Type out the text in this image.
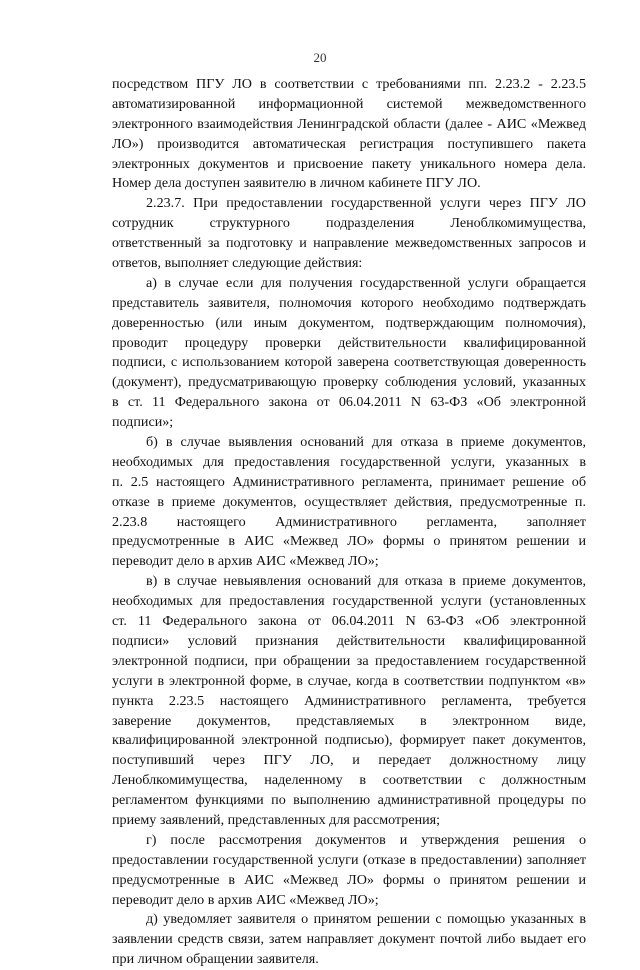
20
посредством ПГУ ЛО в соответствии с требованиями пп. 2.23.2 - 2.23.5
автоматизированной информационной системой межведомственного
электронного взаимодействия Ленинградской области (далее - АИС «Межвед
ЛО») производится автоматическая регистрация поступившего пакета
электронных документов и присвоение пакету уникального номера дела.
Номер дела доступен заявителю в личном кабинете ПГУ ЛО.
2.23.7. При предоставлении государственной услуги через ПГУ ЛО
сотрудник структурного подразделения Леноблкомимущества,
ответственный за подготовку и направление межведомственных запросов и
ответов, выполняет следующие действия:
а) в случае если для получения государственной услуги обращается
представитель заявителя, полномочия которого необходимо подтверждать
доверенностью (или иным документом, подтверждающим полномочия),
проводит процедуру проверки действительности квалифицированной
подписи, с использованием которой заверена соответствующая доверенность
(документ), предусматривающую проверку соблюдения условий, указанных
в ст. 11 Федерального закона от 06.04.2011 N 63-ФЗ «Об электронной
подписи»;
б) в случае выявления оснований для отказа в приеме документов,
необходимых для предоставления государственной услуги, указанных в
п. 2.5 настоящего Административного регламента, принимает решение об
отказе в приеме документов, осуществляет действия, предусмотренные п.
2.23.8 настоящего Административного регламента, заполняет
предусмотренные в АИС «Межвед ЛО» формы о принятом решении и
переводит дело в архив АИС «Межвед ЛО»;
в) в случае невыявления оснований для отказа в приеме документов,
необходимых для предоставления государственной услуги (установленных
ст. 11 Федерального закона от 06.04.2011 N 63-ФЗ «Об электронной
подписи» условий признания действительности квалифицированной
электронной подписи, при обращении за предоставлением государственной
услуги в электронной форме, в случае, когда в соответствии подпунктом «в»
пункта 2.23.5 настоящего Административного регламента, требуется
заверение документов, представляемых в электронном виде,
квалифицированной электронной подписью), формирует пакет документов,
поступивший через ПГУ ЛО, и передает должностному лицу
Леноблкомимущества, наделенному в соответствии с должностным
регламентом функциями по выполнению административной процедуры по
приему заявлений, представленных для рассмотрения;
г) после рассмотрения документов и утверждения решения о
предоставлении государственной услуги (отказе в предоставлении) заполняет
предусмотренные в АИС «Межвед ЛО» формы о принятом решении и
переводит дело в архив АИС «Межвед ЛО»;
д) уведомляет заявителя о принятом решении с помощью указанных в
заявлении средств связи, затем направляет документ почтой либо выдает его
при личном обращении заявителя.
